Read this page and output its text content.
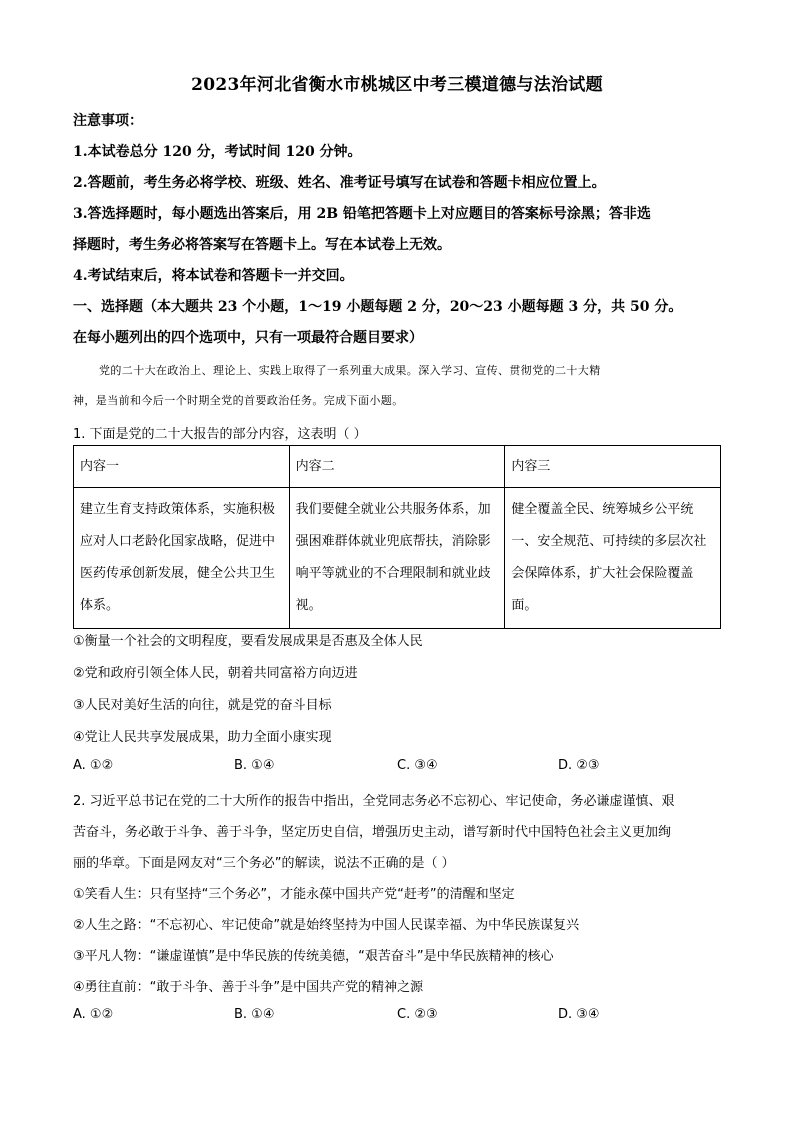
2023年河北省衡水市桃城区中考三模道德与法治试题
注意事项：
1.本试卷总分 120 分，考试时间 120 分钟。
2.答题前，考生务必将学校、班级、姓名、准考证号填写在试卷和答题卡相应位置上。
3.答选择题时，每小题选出答案后，用 2B 铅笔把答题卡上对应题目的答案标号涂黑；答非选
择题时，考生务必将答案写在答题卡上。写在本试卷上无效。
4.考试结束后，将本试卷和答题卡一并交回。
一、选择题（本大题共 23 个小题，1～19 小题每题 2 分，20～23 小题每题 3 分，共 50 分。
在每小题列出的四个选项中，只有一项最符合题目要求）
党的二十大在政治上、理论上、实践上取得了一系列重大成果。深入学习、宣传、贯彻党的二十大精
神，是当前和今后一个时期全党的首要政治任务。完成下面小题。
1. 下面是党的二十大报告的部分内容，这表明（ ）
内容一	内容二	内容三
建立生育支持政策体系，实施积极应对人口老龄化国家战略，促进中医药传承创新发展，健全公共卫生体系。	我们要健全就业公共服务体系，加强困难群体就业兜底帮扶，消除影响平等就业的不合理限制和就业歧视。	健全覆盖全民、统筹城乡公平统一、安全规范、可持续的多层次社会保障体系，扩大社会保险覆盖面。
①衡量一个社会的文明程度，要看发展成果是否惠及全体人民
②党和政府引领全体人民，朝着共同富裕方向迈进
③人民对美好生活的向往，就是党的奋斗目标
④党让人民共享发展成果，助力全面小康实现
A. ①②	B. ①④	C. ③④	D. ②③
2. 习近平总书记在党的二十大所作的报告中指出，全党同志务必不忘初心、牢记使命，务必谦虚谨慎、艰
苦奋斗，务必敢于斗争、善于斗争，坚定历史自信，增强历史主动，谱写新时代中国特色社会主义更加绚
丽的华章。下面是网友对“三个务必”的解读，说法不正确的是（ ）
①笑看人生：只有坚持“三个务必”，才能永葆中国共产党“赶考”的清醒和坚定
②人生之路：“不忘初心、牢记使命”就是始终坚持为中国人民谋幸福、为中华民族谋复兴
③平凡人物：“谦虚谨慎”是中华民族的传统美德，“艰苦奋斗”是中华民族精神的核心
④勇往直前：“敢于斗争、善于斗争”是中国共产党的精神之源
A. ①②	B. ①④	C. ②③	D. ③④
